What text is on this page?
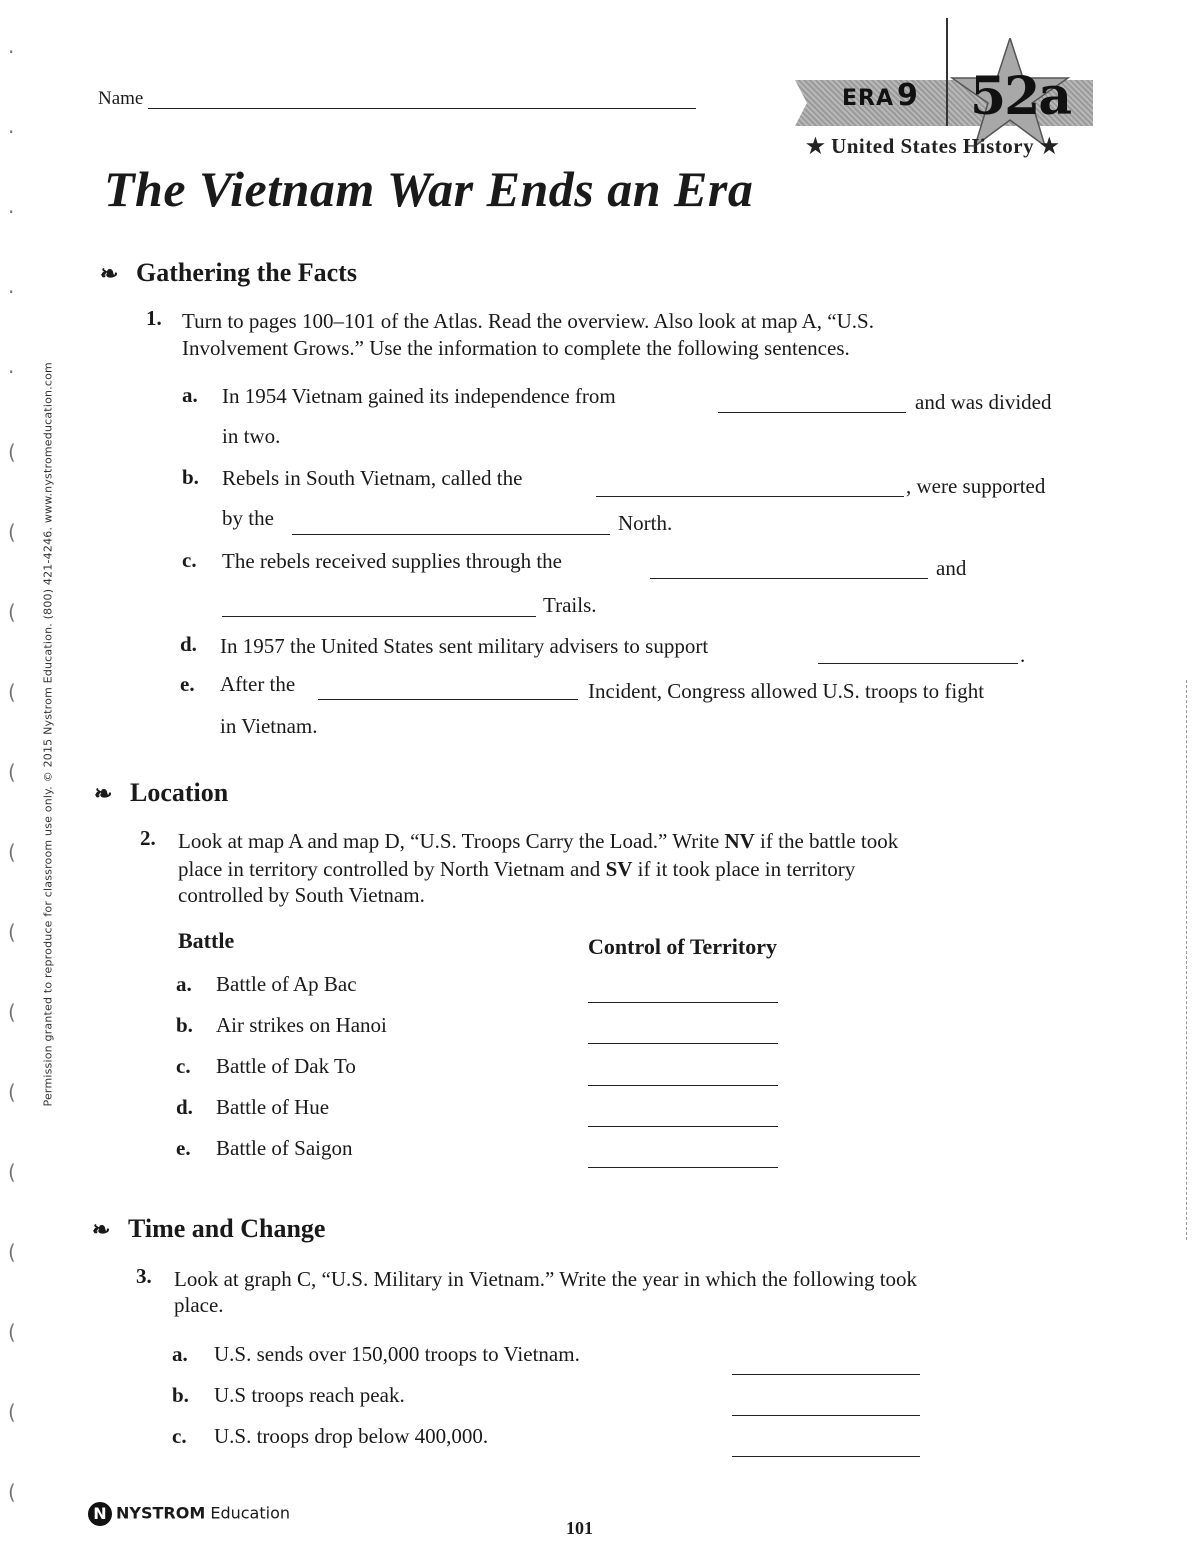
·
·
·
·
·
(
(
(
(
(
(
(
(
(
(
(
(
(
(
Permission granted to reproduce for classroom use only. © 2015 Nystrom Education. (800) 421-4246. www.nystromeducation.com
Name	ERA 9 52a
★ United States History ★
The Vietnam War Ends an Era
❧ Gathering the Facts
1. Turn to pages 100–101 of the Atlas. Read the overview. Also look at map A, “U.S.
Involvement Grows.” Use the information to complete the following sentences.
a. In 1954 Vietnam gained its independence from	and was divided
in two.
b. Rebels in South Vietnam, called the	, were supported
by the	North.
c. The rebels received supplies through the	and
Trails.
d. In 1957 the United States sent military advisers to support	.
e. After the	Incident, Congress allowed U.S. troops to fight
in Vietnam.
❧ Location
2. Look at map A and map D, “U.S. Troops Carry the Load.” Write NV if the battle took
place in territory controlled by North Vietnam and SV if it took place in territory
controlled by South Vietnam.
Battle	Control of Territory
a. Battle of Ap Bac
b. Air strikes on Hanoi
c. Battle of Dak To
d. Battle of Hue
e. Battle of Saigon
❧ Time and Change
3. Look at graph C, “U.S. Military in Vietnam.” Write the year in which the following took
place.
a. U.S. sends over 150,000 troops to Vietnam.
b. U.S troops reach peak.
c. U.S. troops drop below 400,000.
N NYSTROM Education
101
